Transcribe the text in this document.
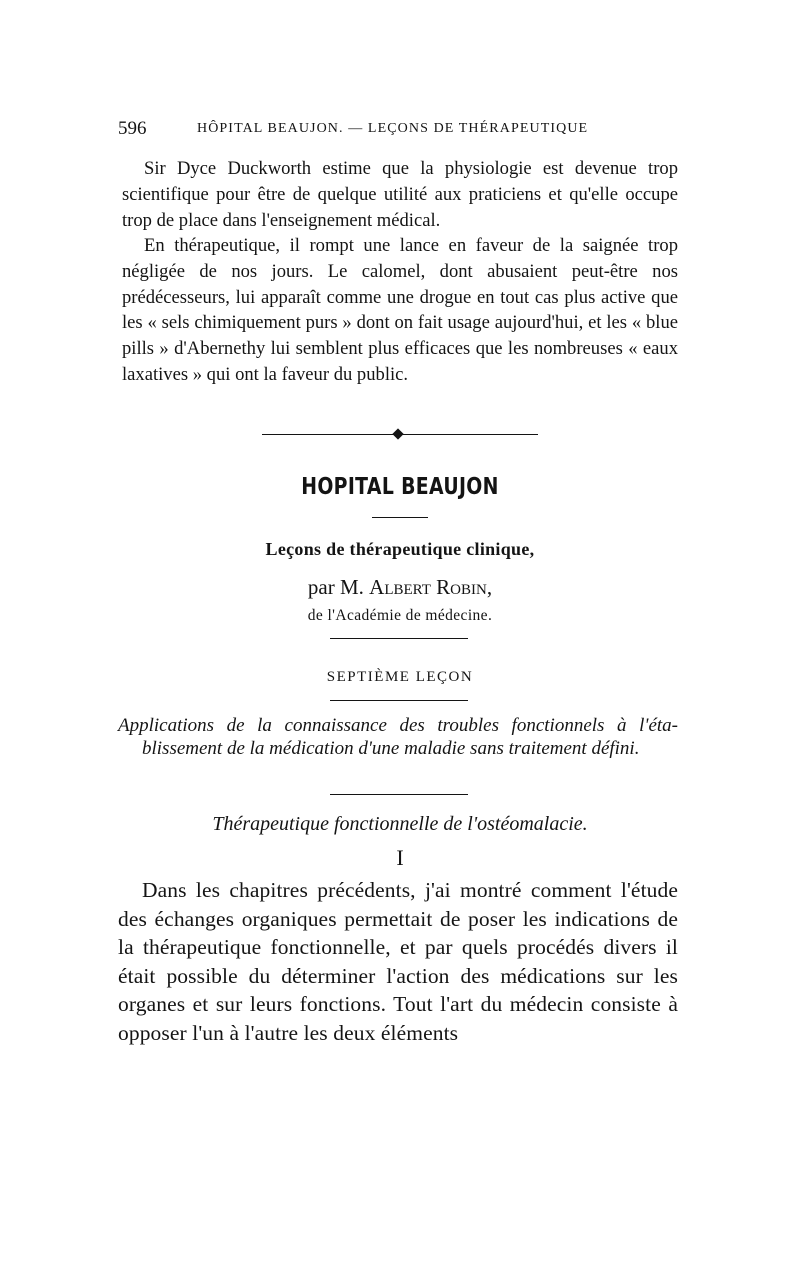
596	HÔPITAL BEAUJON. — LEÇONS DE THÉRAPEUTIQUE

Sir Dyce Duckworth estime que la physiologie est devenue trop scientifique pour être de quelque utilité aux praticiens et qu'elle occupe trop de place dans l'enseignement médical.

En thérapeutique, il rompt une lance en faveur de la saignée trop négligée de nos jours. Le calomel, dont abusaient peut-être nos prédécesseurs, lui apparaît comme une drogue en tout cas plus active que les « sels chimiquement purs » dont on fait usage aujourd'hui, et les « blue pills » d'Abernethy lui semblent plus efficaces que les nombreuses « eaux laxatives » qui ont la faveur du public.

HOPITAL BEAUJON
Leçons de thérapeutique clinique,
par M. Albert Robin,
de l'Académie de médecine.
SEPTIÈME LEÇON
Applications de la connaissance des troubles fonctionnels à l'éta-
blissement de la médication d'une maladie sans traitement défini.
Thérapeutique fonctionnelle de l'ostéomalacie.
I

Dans les chapitres précédents, j'ai montré comment l'étude des échanges organiques permettait de poser les indications de la thérapeutique fonctionnelle, et par quels procédés divers il était possible du déterminer l'action des médications sur les organes et sur leurs fonctions. Tout l'art du médecin consiste à opposer l'un à l'autre les deux éléments
